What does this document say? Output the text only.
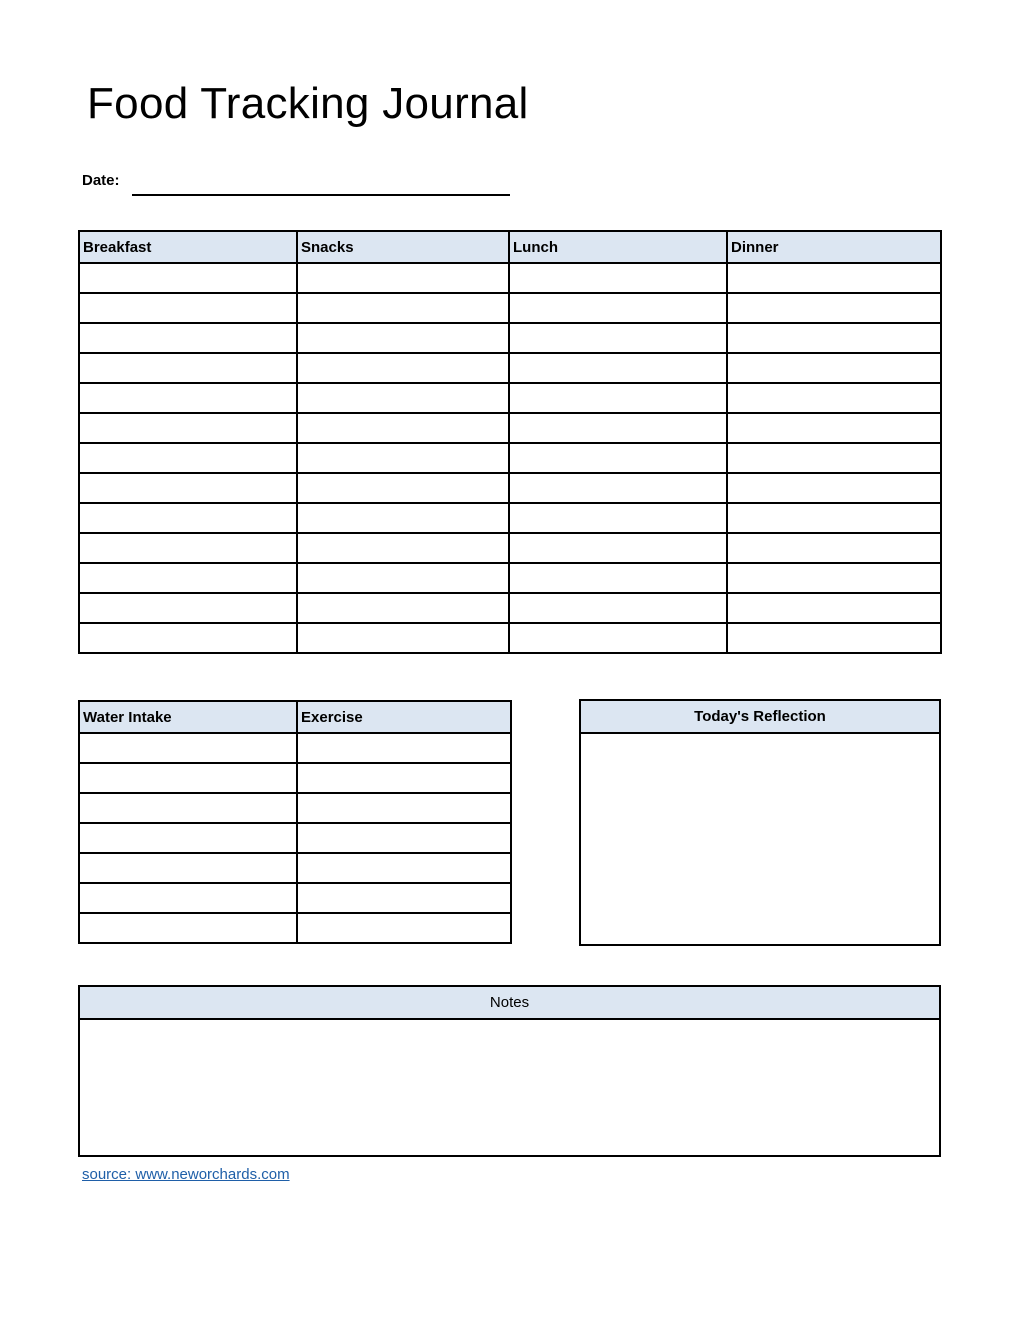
Food Tracking Journal
Date:
Breakfast	Snacks	Lunch	Dinner

Water Intake	Exercise

		Today's Reflection
Notes
source: www.neworchards.com
